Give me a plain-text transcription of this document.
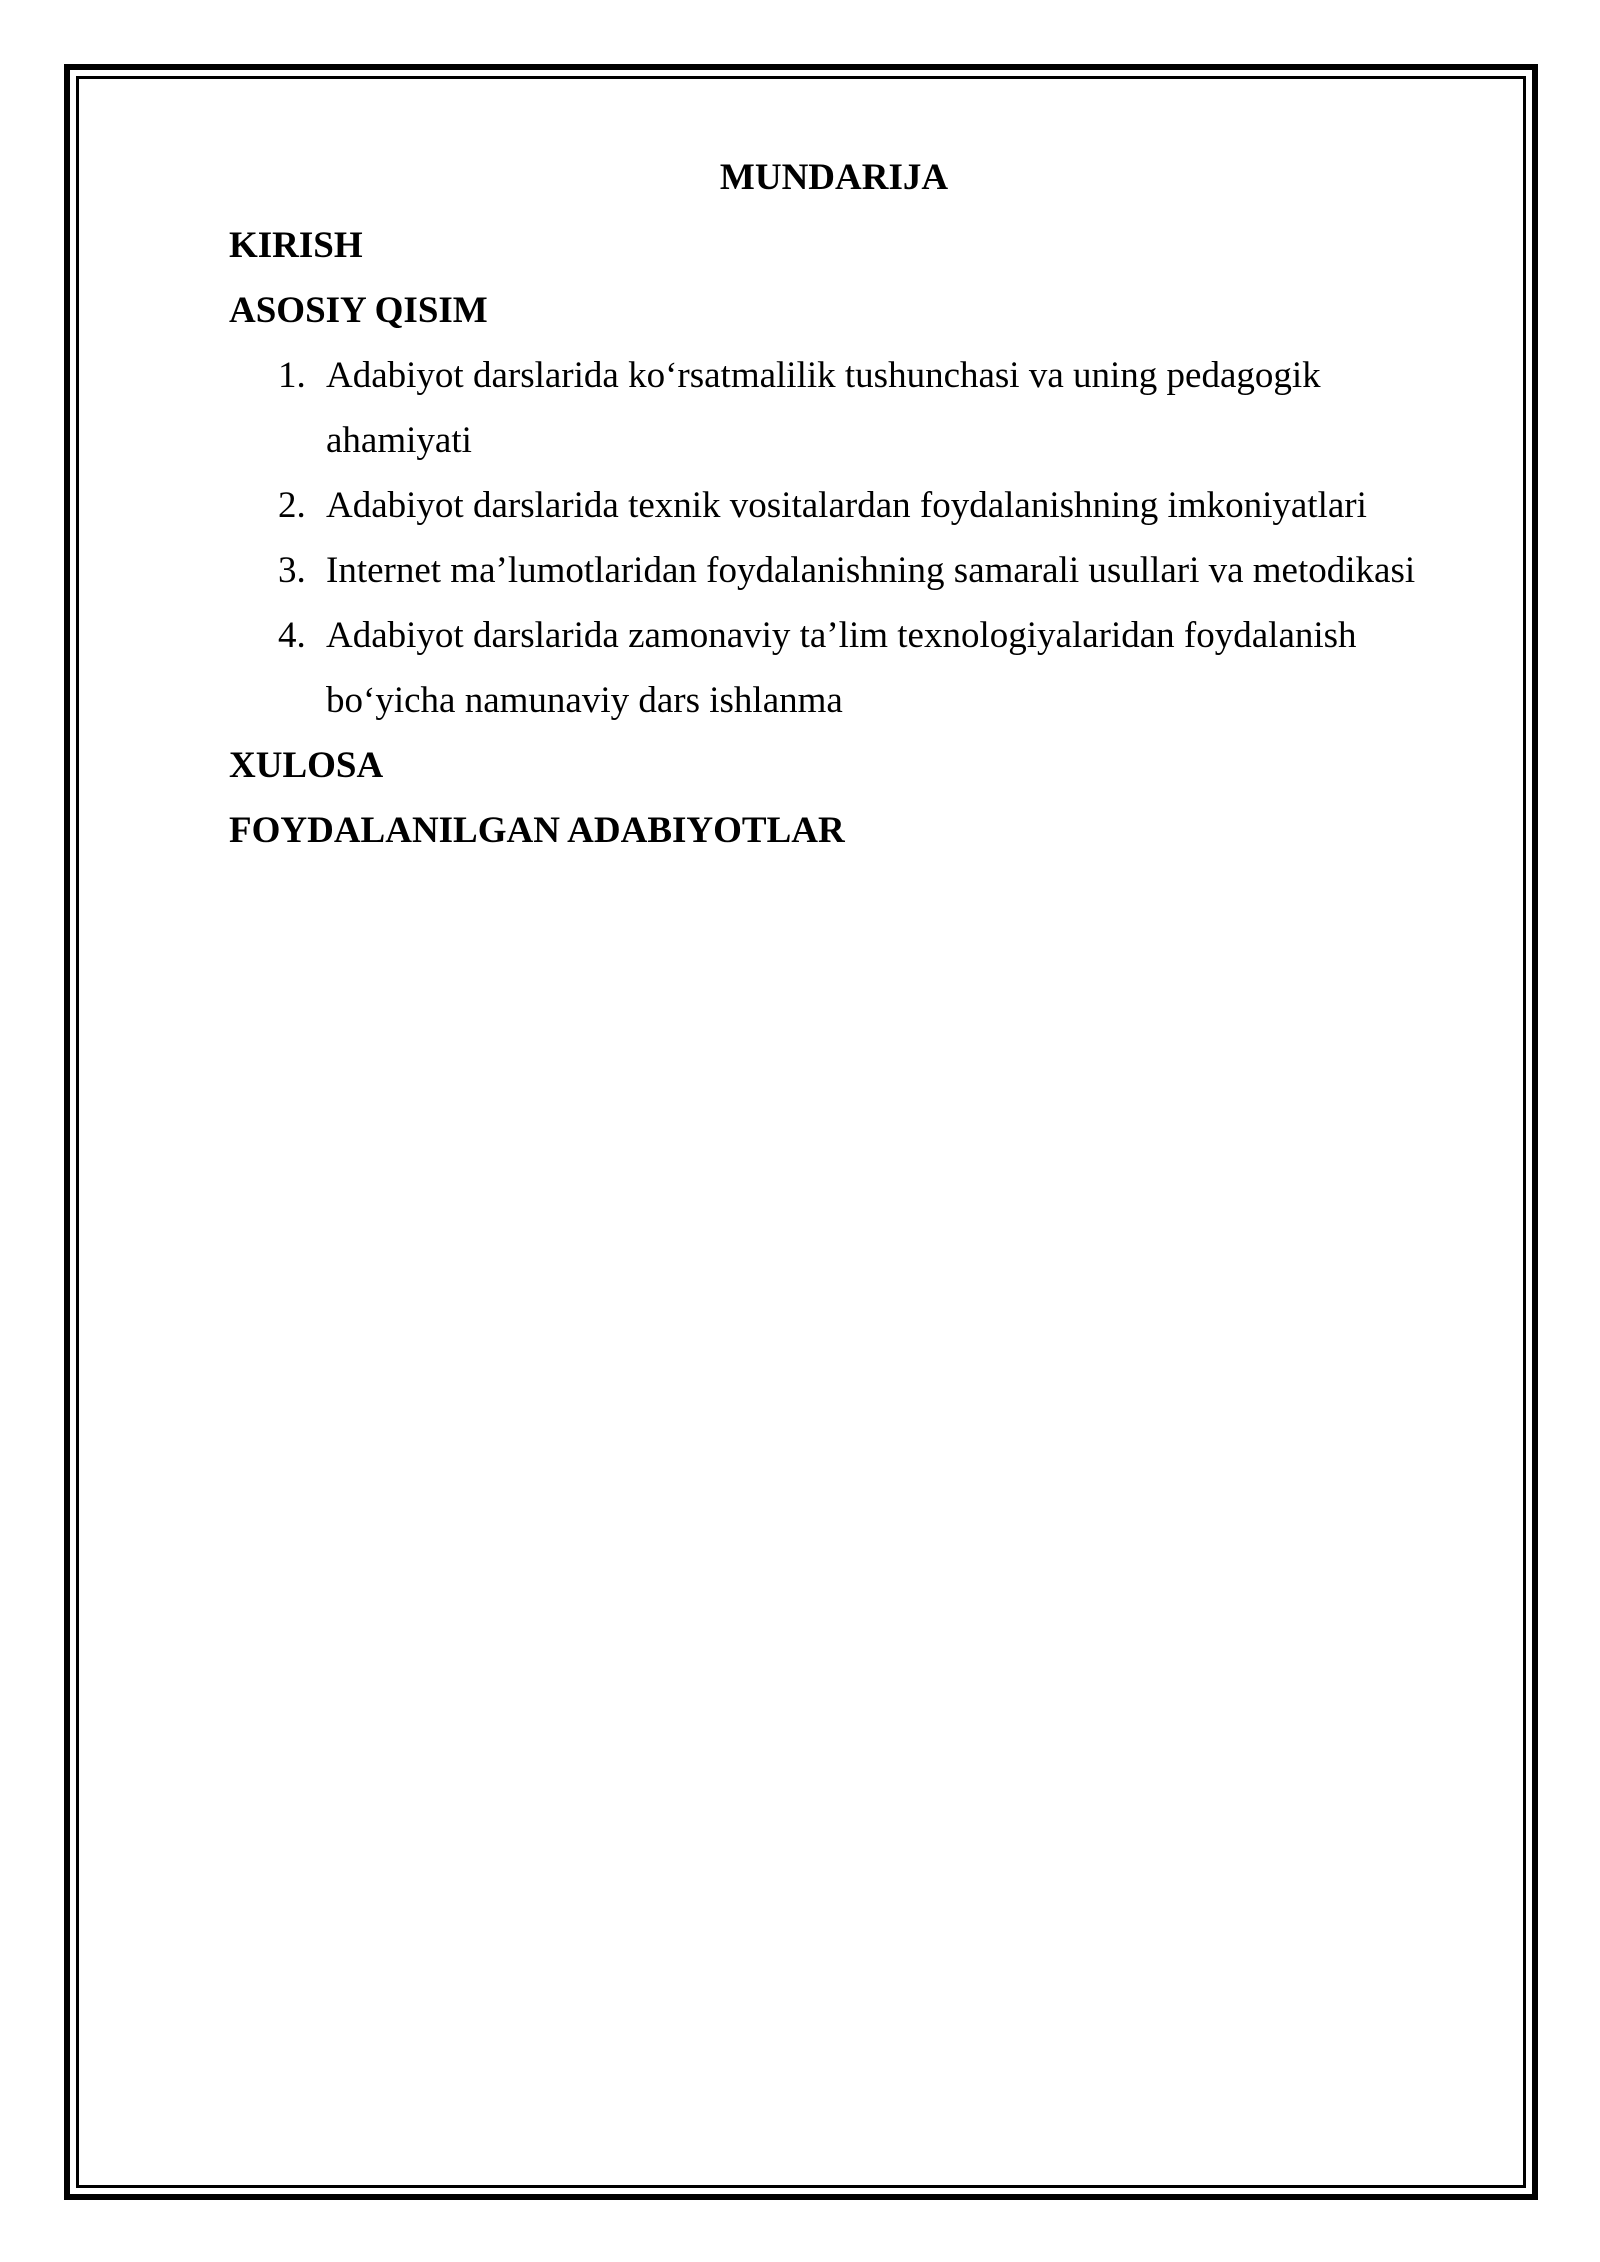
MUNDARIJA
KIRISH
ASOSIY QISIM
1. Adabiyot darslarida ko‘rsatmalilik tushunchasi va uning pedagogik ahamiyati
2. Adabiyot darslarida texnik vositalardan foydalanishning imkoniyatlari
3. Internet ma’lumotlaridan foydalanishning samarali usullari va metodikasi
4. Adabiyot darslarida zamonaviy ta’lim texnologiyalaridan foydalanish bo‘yicha namunaviy dars ishlanma
XULOSA
FOYDALANILGAN ADABIYOTLAR
